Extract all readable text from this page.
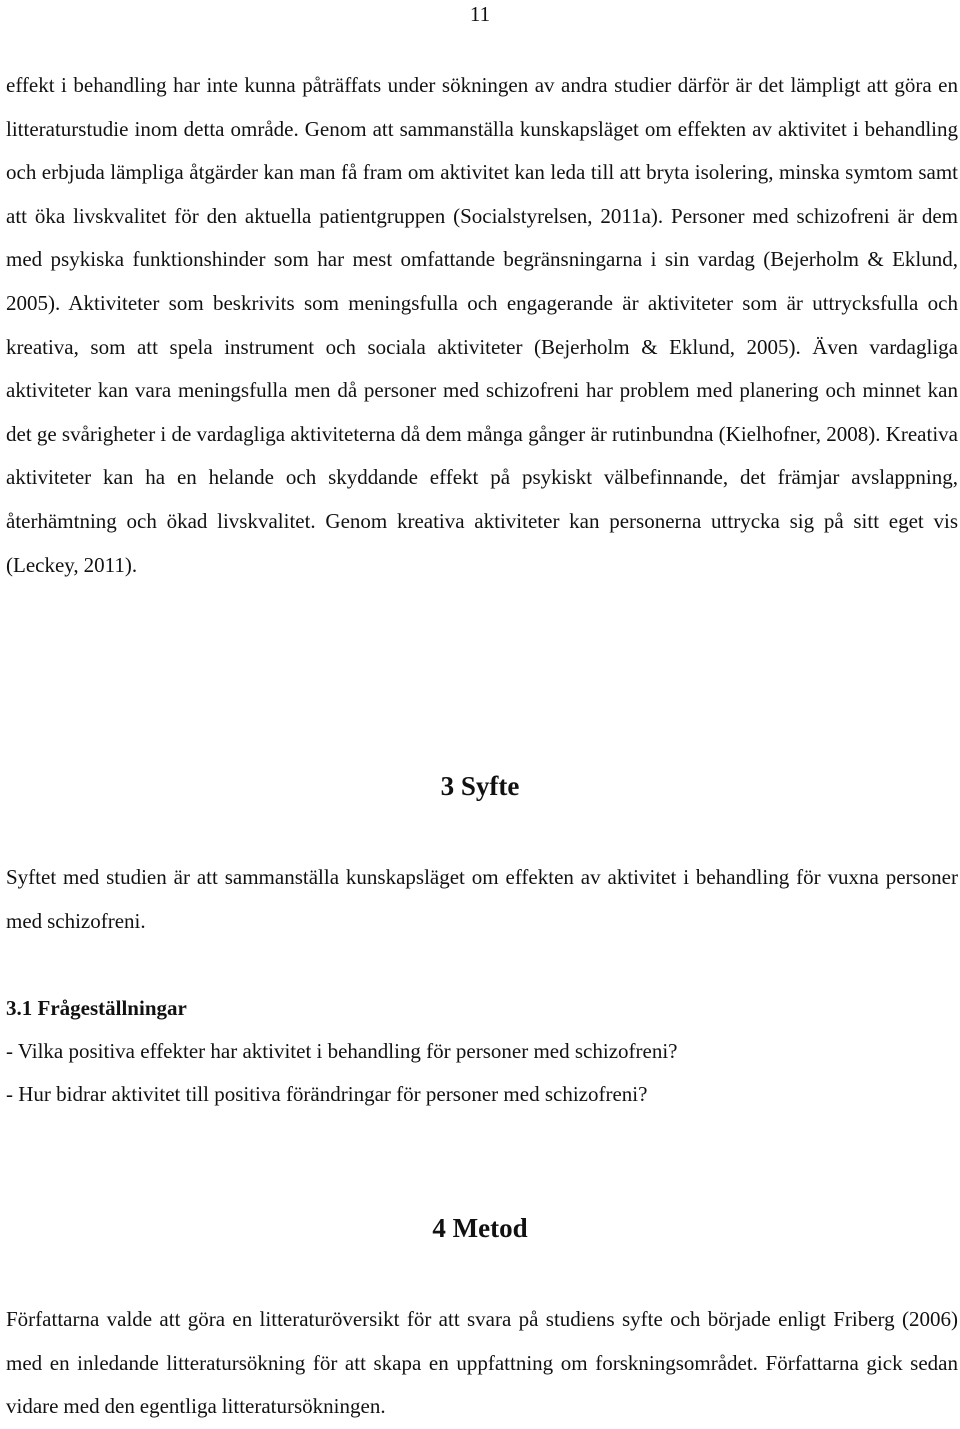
11

effekt i behandling har inte kunna påträffats under sökningen av andra studier därför är det lämpligt att göra en litteraturstudie inom detta område. Genom att sammanställa kunskapsläget om effekten av aktivitet i behandling och erbjuda lämpliga åtgärder kan man få fram om aktivitet kan leda till att bryta isolering, minska symtom samt att öka livskvalitet för den aktuella patientgruppen (Socialstyrelsen, 2011a). Personer med schizofreni är dem med psykiska funktionshinder som har mest omfattande begränsningarna i sin vardag (Bejerholm & Eklund, 2005). Aktiviteter som beskrivits som meningsfulla och engagerande är aktiviteter som är uttrycksfulla och kreativa, som att spela instrument och sociala aktiviteter (Bejerholm & Eklund, 2005). Även vardagliga aktiviteter kan vara meningsfulla men då personer med schizofreni har problem med planering och minnet kan det ge svårigheter i de vardagliga aktiviteterna då dem många gånger är rutinbundna (Kielhofner, 2008). Kreativa aktiviteter kan ha en helande och skyddande effekt på psykiskt välbefinnande, det främjar avslappning, återhämtning och ökad livskvalitet. Genom kreativa aktiviteter kan personerna uttrycka sig på sitt eget vis (Leckey, 2011).

3 Syfte

Syftet med studien är att sammanställa kunskapsläget om effekten av aktivitet i behandling för vuxna personer med schizofreni.

3.1 Frågeställningar

- Vilka positiva effekter har aktivitet i behandling för personer med schizofreni?

- Hur bidrar aktivitet till positiva förändringar för personer med schizofreni?

4 Metod

Författarna valde att göra en litteraturöversikt för att svara på studiens syfte och började enligt Friberg (2006) med en inledande litteratursökning för att skapa en uppfattning om forskningsområdet. Författarna gick sedan vidare med den egentliga litteratursökningen.
